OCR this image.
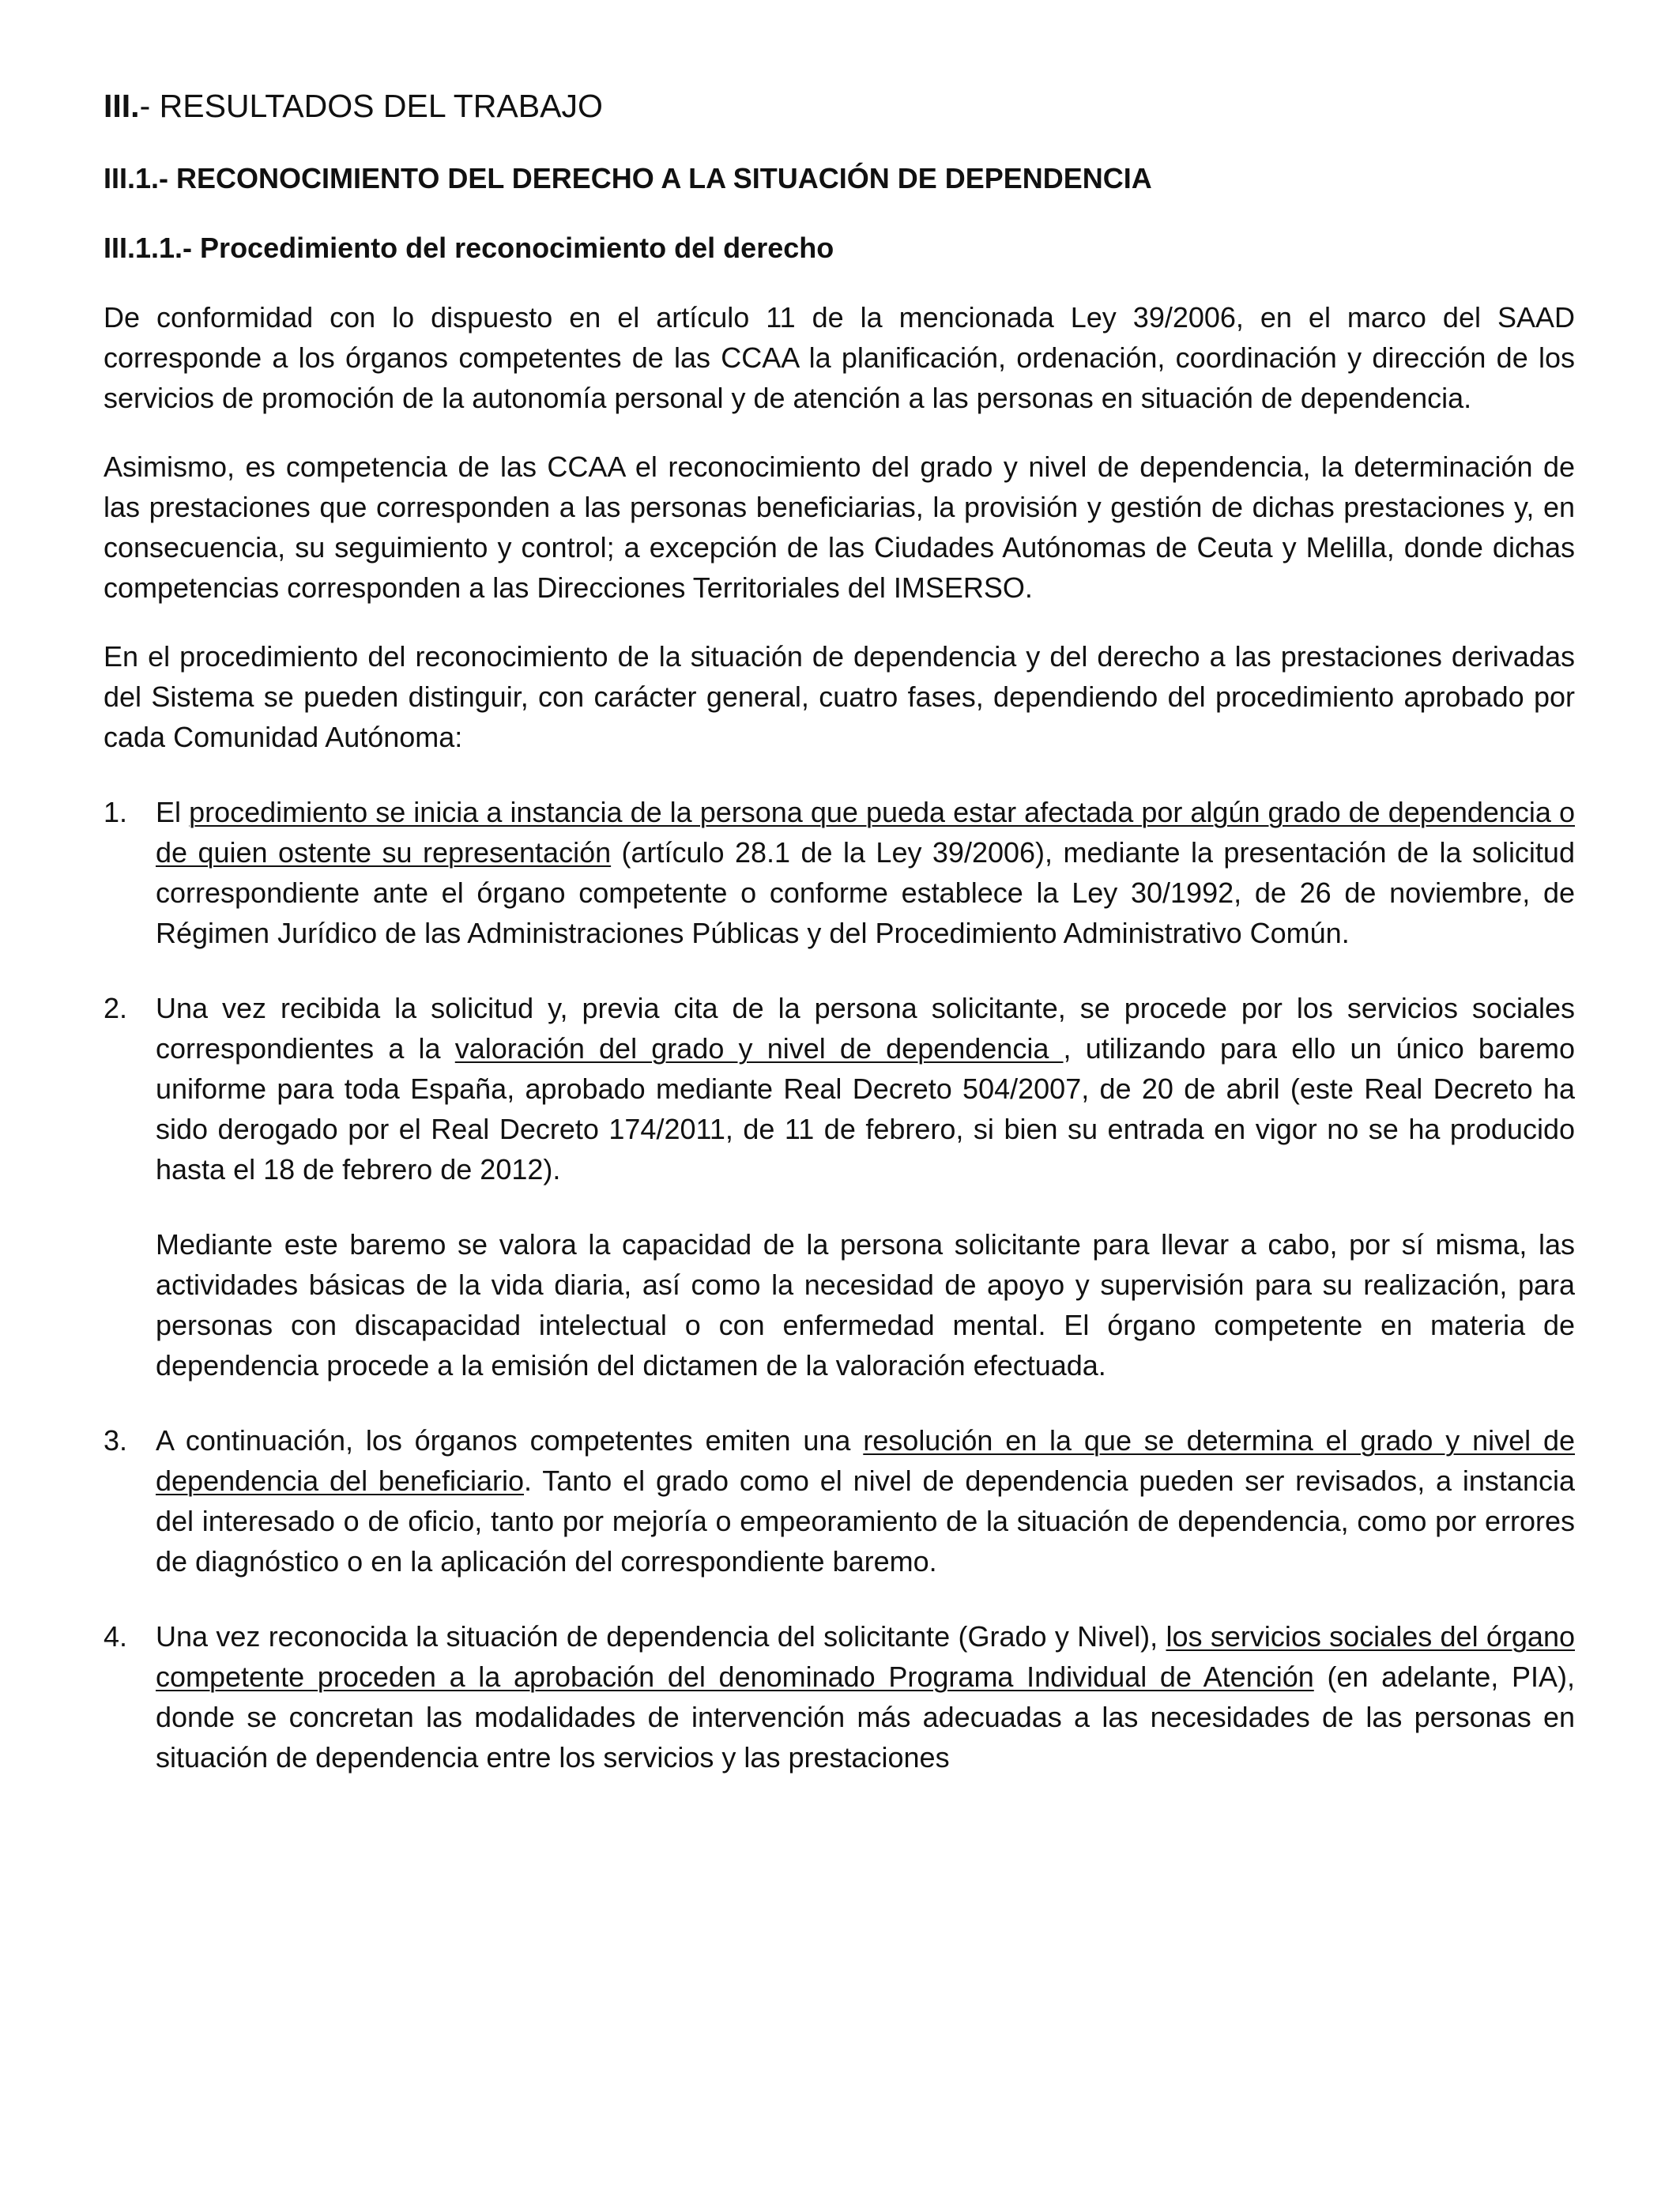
III.- RESULTADOS DEL TRABAJO
III.1.- RECONOCIMIENTO DEL DERECHO A LA SITUACIÓN DE DEPENDENCIA
III.1.1.- Procedimiento del reconocimiento del derecho

De conformidad con lo dispuesto en el artículo 11 de la mencionada Ley 39/2006, en el marco del SAAD corresponde a los órganos competentes de las CCAA la planificación, ordenación, coordinación y dirección de los servicios de promoción de la autonomía personal y de atención a las personas en situación de dependencia.

Asimismo, es competencia de las CCAA el reconocimiento del grado y nivel de dependencia, la determinación de las prestaciones que corresponden a las personas beneficiarias, la provisión y gestión de dichas prestaciones y, en consecuencia, su seguimiento y control; a excepción de las Ciudades Autónomas de Ceuta y Melilla, donde dichas competencias corresponden a las Direcciones Territoriales del IMSERSO.

En el procedimiento del reconocimiento de la situación de dependencia y del derecho a las prestaciones derivadas del Sistema se pueden distinguir, con carácter general, cuatro fases, dependiendo del procedimiento aprobado por cada Comunidad Autónoma:

1. El procedimiento se inicia a instancia de la persona que pueda estar afectada por algún grado de dependencia o de quien ostente su representación (artículo 28.1 de la Ley 39/2006), mediante la presentación de la solicitud correspondiente ante el órgano competente o conforme establece la Ley 30/1992, de 26 de noviembre, de Régimen Jurídico de las Administraciones Públicas y del Procedimiento Administrativo Común.
2. Una vez recibida la solicitud y, previa cita de la persona solicitante, se procede por los servicios sociales correspondientes a la valoración del grado y nivel de dependencia , utilizando para ello un único baremo uniforme para toda España, aprobado mediante Real Decreto 504/2007, de 20 de abril (este Real Decreto ha sido derogado por el Real Decreto 174/2011, de 11 de febrero, si bien su entrada en vigor no se ha producido hasta el 18 de febrero de 2012).
Mediante este baremo se valora la capacidad de la persona solicitante para llevar a cabo, por sí misma, las actividades básicas de la vida diaria, así como la necesidad de apoyo y supervisión para su realización, para personas con discapacidad intelectual o con enfermedad mental. El órgano competente en materia de dependencia procede a la emisión del dictamen de la valoración efectuada.
3. A continuación, los órganos competentes emiten una resolución en la que se determina el grado y nivel de dependencia del beneficiario. Tanto el grado como el nivel de dependencia pueden ser revisados, a instancia del interesado o de oficio, tanto por mejoría o empeoramiento de la situación de dependencia, como por errores de diagnóstico o en la aplicación del correspondiente baremo.
4. Una vez reconocida la situación de dependencia del solicitante (Grado y Nivel), los servicios sociales del órgano competente proceden a la aprobación del denominado Programa Individual de Atención (en adelante, PIA), donde se concretan las modalidades de intervención más adecuadas a las necesidades de las personas en situación de dependencia entre los servicios y las prestaciones
